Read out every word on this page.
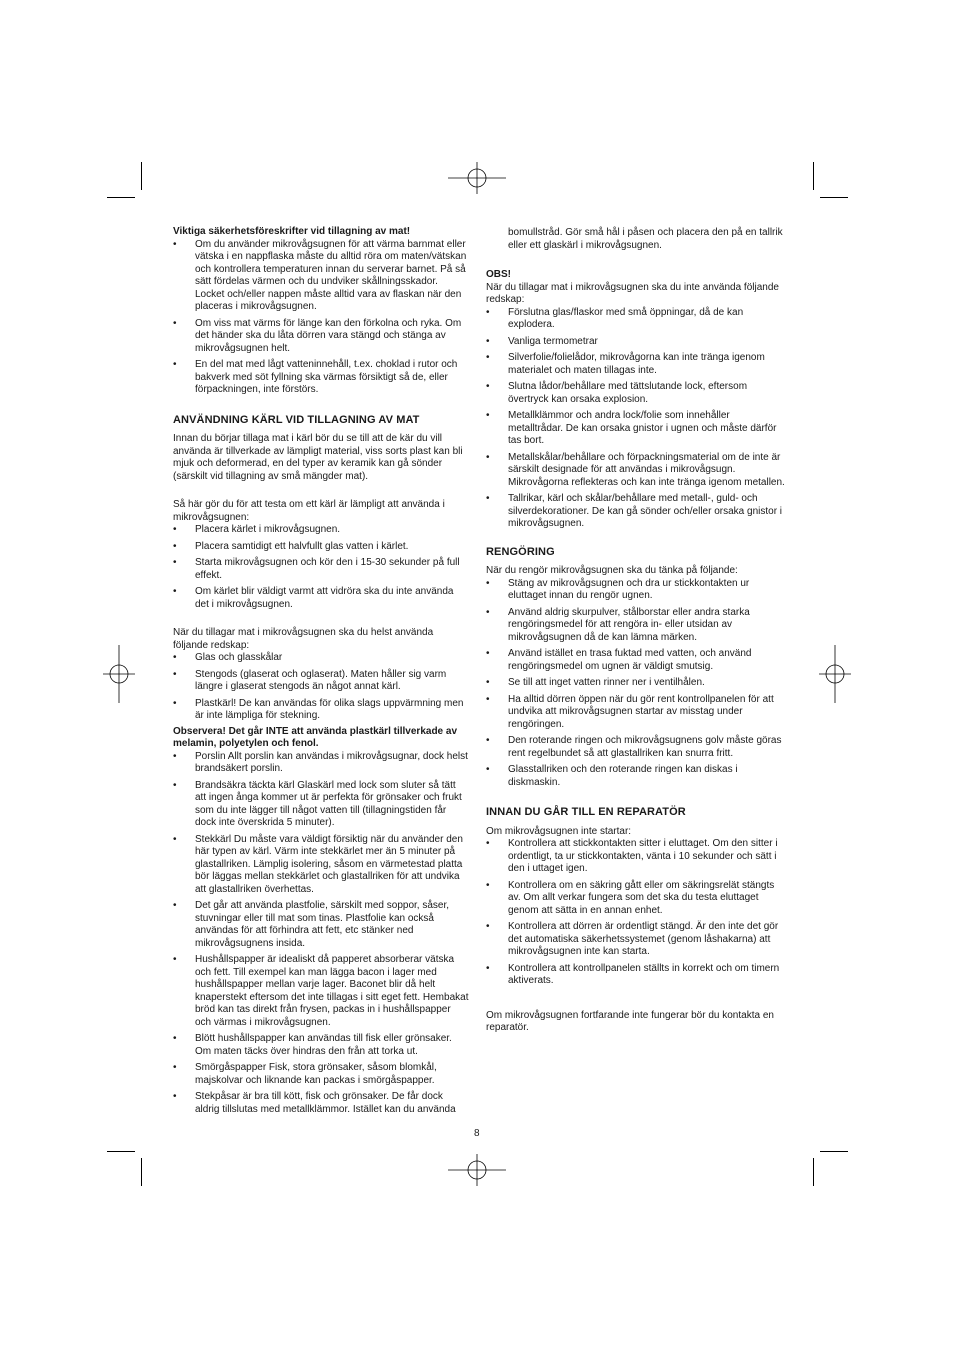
Viktiga säkerhetsföreskrifter vid tillagning av mat!

• Om du använder mikrovågsugnen för att värma barnmat eller vätska i en nappflaska måste du alltid röra om maten/vätskan och kontrollera temperaturen innan du serverar barnet. På så sätt fördelas värmen och du undviker skållningsskador.
Locket och/eller nappen måste alltid vara av flaskan när den placeras i mikrovågsugnen.
• Om viss mat värms för länge kan den förkolna och ryka. Om det händer ska du låta dörren vara stängd och stänga av mikrovågsugnen helt.
• En del mat med lågt vatteninnehåll, t.ex. choklad i rutor och bakverk med söt fyllning ska värmas försiktigt så de, eller förpackningen, inte förstörs.

ANVÄNDNING KÄRL VID TILLAGNING AV MAT

Innan du börjar tillaga mat i kärl bör du se till att de kär du vill använda är tillverkade av lämpligt material, viss sorts plast kan bli mjuk och deformerad, en del typer av keramik kan gå sönder (särskilt vid tillagning av små mängder mat).

Så här gör du för att testa om ett kärl är lämpligt att använda i mikrovågsugnen:

• Placera kärlet i mikrovågsugnen.
• Placera samtidigt ett halvfullt glas vatten i kärlet.
• Starta mikrovågsugnen och kör den i 15-30 sekunder på full effekt.
• Om kärlet blir väldigt varmt att vidröra ska du inte använda det i mikrovågsugnen.

När du tillagar mat i mikrovågsugnen ska du helst använda följande redskap:

• Glas och glasskålar
• Stengods (glaserat och oglaserat). Maten håller sig varm längre i glaserat stengods än något annat kärl.
• Plastkärl! De kan användas för olika slags uppvärmning men är inte lämpliga för stekning.

Observera! Det går INTE att använda plastkärl tillverkade av melamin, polyetylen och fenol.

• Porslin Allt porslin kan användas i mikrovågsugnar, dock helst brandsäkert porslin.
• Brandsäkra täckta kärl Glaskärl med lock som sluter så tätt att ingen ånga kommer ut är perfekta för grönsaker och frukt som du inte lägger till något vatten till (tillagningstiden får dock inte överskrida 5 minuter).
• Stekkärl Du måste vara väldigt försiktig när du använder den här typen av kärl. Värm inte stekkärlet mer än 5 minuter på glastallriken. Lämplig isolering, såsom en värmetestad platta bör läggas mellan stekkärlet och glastallriken för att undvika att glastallriken överhettas.
• Det går att använda plastfolie, särskilt med soppor, såser, stuvningar eller till mat som tinas. Plastfolie kan också användas för att förhindra att fett, etc stänker ned mikrovågsugnens insida.
• Hushållspapper är idealiskt då papperet absorberar vätska och fett. Till exempel kan man lägga bacon i lager med hushållspapper mellan varje lager. Baconet blir då helt knaperstekt eftersom det inte tillagas i sitt eget fett. Hembakat bröd kan tas direkt från frysen, packas in i hushållspapper och värmas i mikrovågsugnen.
• Blött hushållspapper kan användas till fisk eller grönsaker. Om maten täcks över hindras den från att torka ut.
• Smörgåspapper Fisk, stora grönsaker, såsom blomkål, majskolvar och liknande kan packas i smörgåspapper.
• Stekpåsar är bra till kött, fisk och grönsaker. De får dock aldrig tillslutas med metallklämmor. Istället kan du använda

bomullstråd. Gör små hål i påsen och placera den på en tallrik eller ett glaskärl i mikrovågsugnen.

OBS!

När du tillagar mat i mikrovågsugnen ska du inte använda följande redskap:

• Förslutna glas/flaskor med små öppningar, då de kan explodera.
• Vanliga termometrar
• Silverfolie/folielådor, mikrovågorna kan inte tränga igenom materialet och maten tillagas inte.
• Slutna lådor/behållare med tättslutande lock, eftersom övertryck kan orsaka explosion.
• Metallklämmor och andra lock/folie som innehåller metalltrådar. De kan orsaka gnistor i ugnen och måste därför tas bort.
• Metallskålar/behållare och förpackningsmaterial om de inte är särskilt designade för att användas i mikrovågsugn. Mikrovågorna reflekteras och kan inte tränga igenom metallen.
• Tallrikar, kärl och skålar/behållare med metall-, guld- och silverdekorationer. De kan gå sönder och/eller orsaka gnistor i mikrovågsugnen.

RENGÖRING

När du rengör mikrovågsugnen ska du tänka på följande:

• Stäng av mikrovågsugnen och dra ur stickkontakten ur eluttaget innan du rengör ugnen.
• Använd aldrig skurpulver, stålborstar eller andra starka rengöringsmedel för att rengöra in- eller utsidan av mikrovågsugnen då de kan lämna märken.
• Använd istället en trasa fuktad med vatten, och använd rengöringsmedel om ugnen är väldigt smutsig.
• Se till att inget vatten rinner ner i ventilhålen.
• Ha alltid dörren öppen när du gör rent kontrollpanelen för att undvika att mikrovågsugnen startar av misstag under rengöringen.
• Den roterande ringen och mikrovågsugnens golv måste göras rent regelbundet så att glastallriken kan snurra fritt.
• Glasstallriken och den roterande ringen kan diskas i diskmaskin.

INNAN DU GÅR TILL EN REPARATÖR

Om mikrovågsugnen inte startar:

• Kontrollera att stickkontakten sitter i eluttaget. Om den sitter i ordentligt, ta ur stickkontakten, vänta i 10 sekunder och sätt i den i uttaget igen.
• Kontrollera om en säkring gått eller om säkringsrelät stängts av. Om allt verkar fungera som det ska du testa eluttaget genom att sätta in en annan enhet.
• Kontrollera att dörren är ordentligt stängd. Är den inte det gör det automatiska säkerhetssystemet (genom låshakarna) att mikrovågsugnen inte kan starta.
• Kontrollera att kontrollpanelen ställts in korrekt och om timern aktiverats.

Om mikrovågsugnen fortfarande inte fungerar bör du kontakta en reparatör.

8
